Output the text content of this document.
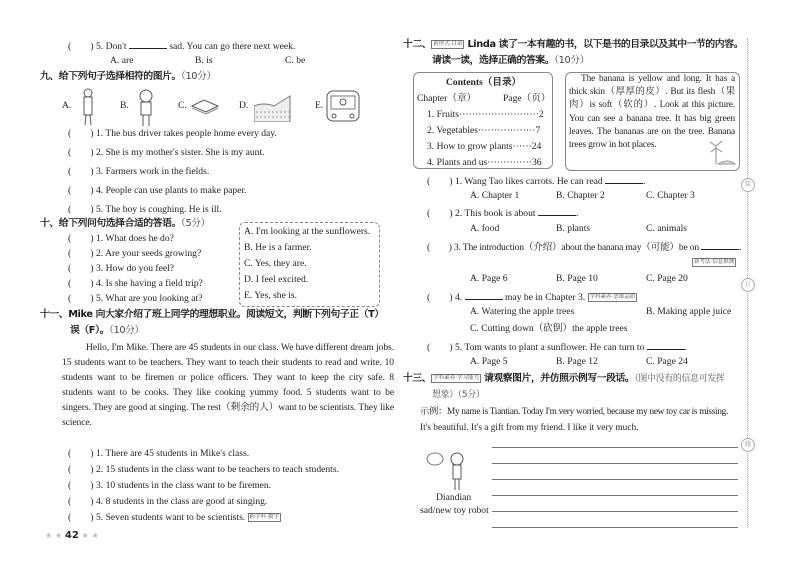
(　　) 5. Don't	sad. You can go there next week.
A. are	B. is	C. be
九、给下列句子选择相符的图片。（10分）
A.	B.	C.	D.	E.
(　　) 1. The bus driver takes people home every day.
(　　) 2. She is my mother's sister. She is my aunt.
(　　) 3. Farmers work in the fields.
(　　) 4. People can use plants to make paper.
(　　) 5. The boy is coughing. He is ill.
十、给下列问句选择合适的答语。（5分）
(　　) 1. What does he do?
(　　) 2. Are your seeds growing?
(　　) 3. How do you feel?
(　　) 4. Is she having a field trip?
(　　) 5. What are you looking at?
A. I'm looking at the sunflowers.
B. He is a farmer.
C. Yes, they are.
D. I feel excited.
E. Yes, she is.
十一、Mike 向大家介绍了班上同学的理想职业。阅读短文，判断下列句子正（T）
误（F）。（10分）
Hello, I'm Mike. There are 45 students in our class. We have different dream jobs. 15 students want to be teachers. They want to teach their students to read and write. 10 students want to be firemen or police officers. They want to keep the city safe. 8 students want to be cooks. They like cooking yummy food. 5 students want to be singers. They are good at singing. The rest（剩余的人）want to be scientists. They like science.
(　　) 1. There are 45 students in Mike's class.
(　　) 2. 15 students in the class want to be teachers to teach students.
(　　) 3. 10 students in the class want to be firemen.
(　　) 4. 8 students in the class are good at singing.
(　　) 5. Seven students want to be scientists. 跨学科·数学
★ ★ 42 ★ ★
十二、 新形式·目录 Linda 读了一本有趣的书，以下是书的目录以及其中一节的内容。
请读一读，选择正确的答案。（10分）
Contents（目录）
Chapter（章）	Page（页）
1. Fruits·························2
2. Vegetables··················7
3. How to grow plants······24
4. Plants and us··············36
The banana is yellow and long. It has a thick skin（厚厚的皮）. But its flesh（果肉）is soft（软的）. Look at this picture. You can see a banana tree. It has big green leaves. The bananas are on the tree. Banana trees grow in hot places.
(　　) 1. Wang Tao likes carrots. He can read	.
A. Chapter 1	B. Chapter 2	C. Chapter 3
(　　) 2. This book is about	.
A. food	B. plants	C. animals
(　　) 3. The introduction（介绍）about the banana may（可能）be on	.
新考法·信息推测
A. Page 6	B. Page 10	C. Page 20
(　　) 4.	may be in Chapter 3. 学科素养·思维品质
A. Watering the apple trees	B. Making apple juice
C. Cutting down（砍倒）the apple trees
(　　) 5. Tom wants to plant a sunflower. He can turn to	.
A. Page 5	B. Page 12	C. Page 24
十三、 学科素养·学习能力 请观察图片，并仿照示例写一段话。（图中没有的信息可发挥
想象）（5分）
示例：My name is Tiantian. Today I'm very worried, because my new toy car is missing.
It's beautiful. It's a gift from my friend. I like it very much.
Diandian
sad/new toy robot
装
订
线
